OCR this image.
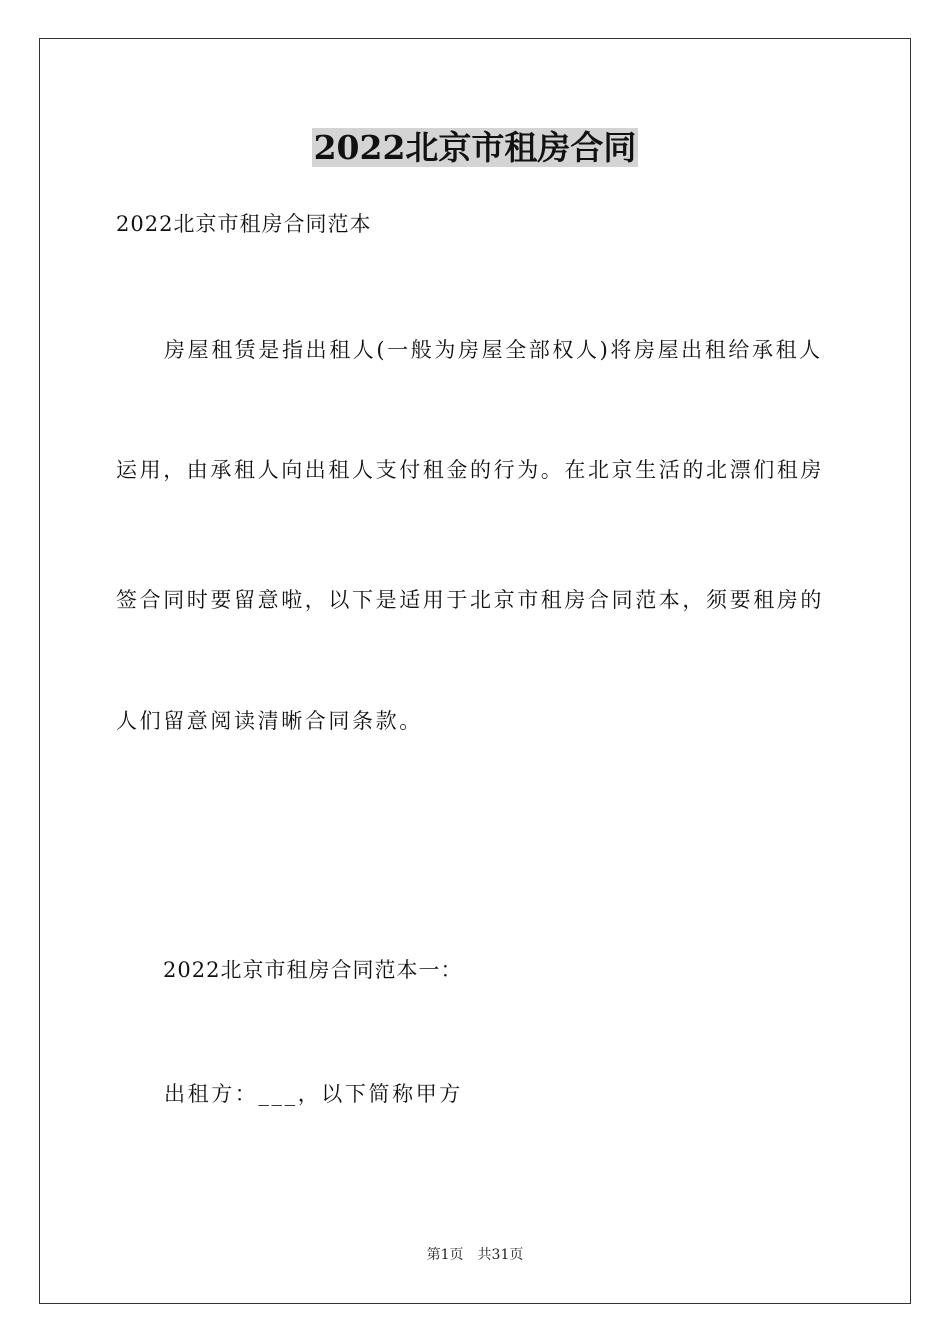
2022北京市租房合同
2022北京市租房合同范本
房屋租赁是指出租人(一般为房屋全部权人)将房屋出租给承租人
运用，由承租人向出租人支付租金的行为。在北京生活的北漂们租房
签合同时要留意啦，以下是适用于北京市租房合同范本，须要租房的
人们留意阅读清晰合同条款。
2022北京市租房合同范本一：
出租方：___，以下简称甲方
第1页　共31页
